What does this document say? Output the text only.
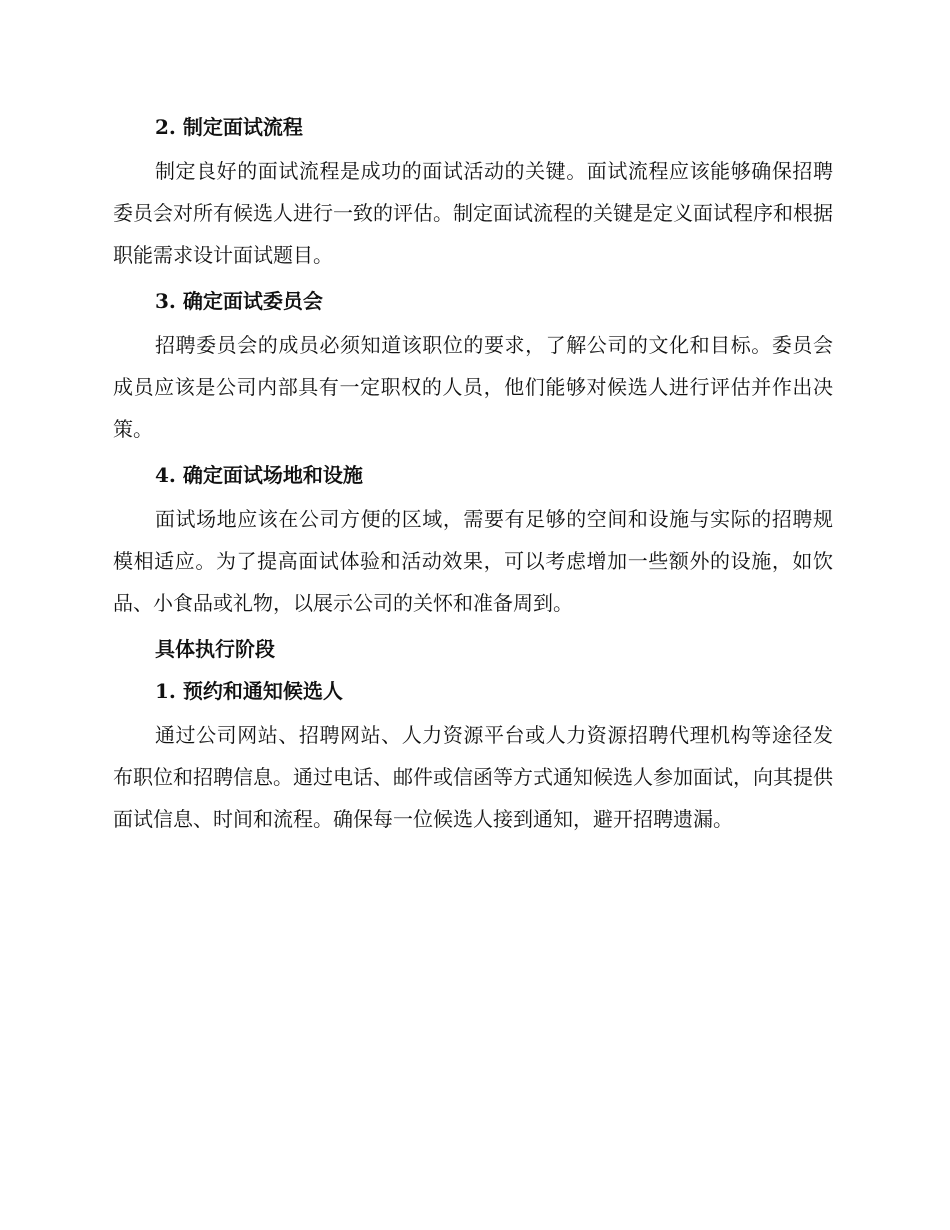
2. 制定面试流程
制定良好的面试流程是成功的面试活动的关键。面试流程应该能够确保招聘委员会对所有候选人进行一致的评估。制定面试流程的关键是定义面试程序和根据职能需求设计面试题目。
3. 确定面试委员会
招聘委员会的成员必须知道该职位的要求，了解公司的文化和目标。委员会成员应该是公司内部具有一定职权的人员，他们能够对候选人进行评估并作出决策。
4. 确定面试场地和设施
面试场地应该在公司方便的区域，需要有足够的空间和设施与实际的招聘规模相适应。为了提高面试体验和活动效果，可以考虑增加一些额外的设施，如饮品、小食品或礼物，以展示公司的关怀和准备周到。
具体执行阶段
1. 预约和通知候选人
通过公司网站、招聘网站、人力资源平台或人力资源招聘代理机构等途径发布职位和招聘信息。通过电话、邮件或信函等方式通知候选人参加面试，向其提供面试信息、时间和流程。确保每一位候选人接到通知，避开招聘遗漏。
